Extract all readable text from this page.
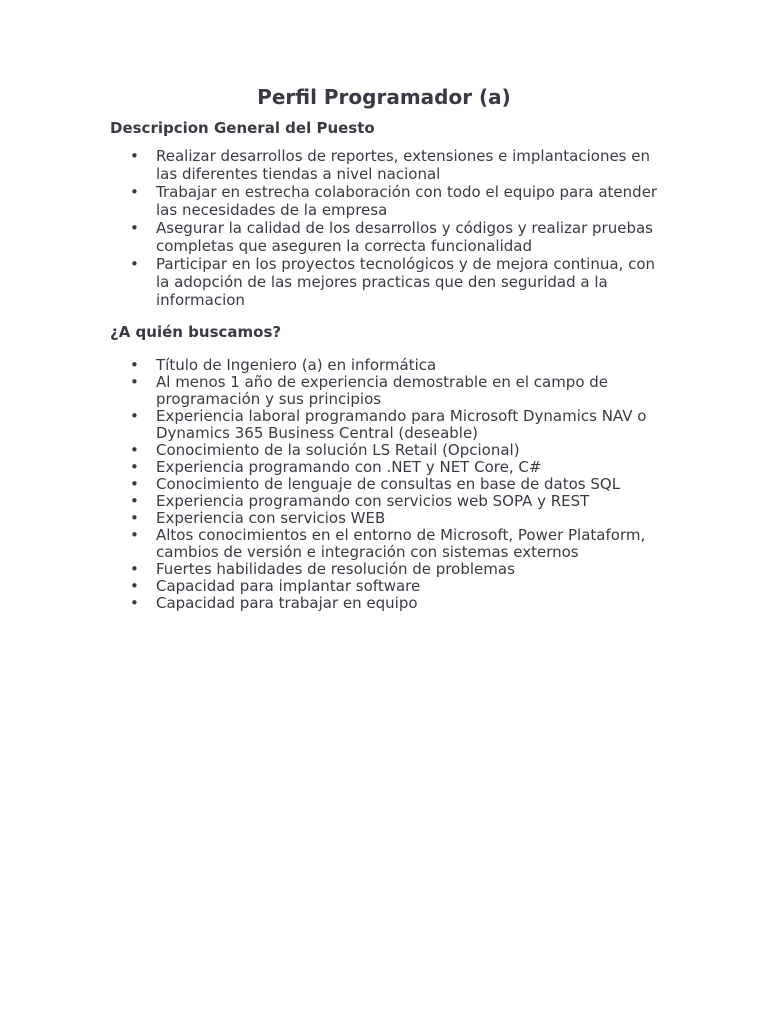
Perfil Programador (a)
Descripcion General del Puesto
• Realizar desarrollos de reportes, extensiones e implantaciones en las diferentes tiendas a nivel nacional
• Trabajar en estrecha colaboración con todo el equipo para atender las necesidades de la empresa
• Asegurar la calidad de los desarrollos y códigos y realizar pruebas completas que aseguren la correcta funcionalidad
• Participar en los proyectos tecnológicos y de mejora continua, con la adopción de las mejores practicas que den seguridad a la informacion
¿A quién buscamos?
• Título de Ingeniero (a) en informática
• Al menos 1 año de experiencia demostrable en el campo de programación y sus principios
• Experiencia laboral programando para Microsoft Dynamics NAV o Dynamics 365 Business Central (deseable)
• Conocimiento de la solución LS Retail (Opcional)
• Experiencia programando con .NET y NET Core, C#
• Conocimiento de lenguaje de consultas en base de datos SQL
• Experiencia programando con servicios web SOPA y REST
• Experiencia con servicios WEB
• Altos conocimientos en el entorno de Microsoft, Power Plataform, cambios de versión e integración con sistemas externos
• Fuertes habilidades de resolución de problemas
• Capacidad para implantar software
• Capacidad para trabajar en equipo
